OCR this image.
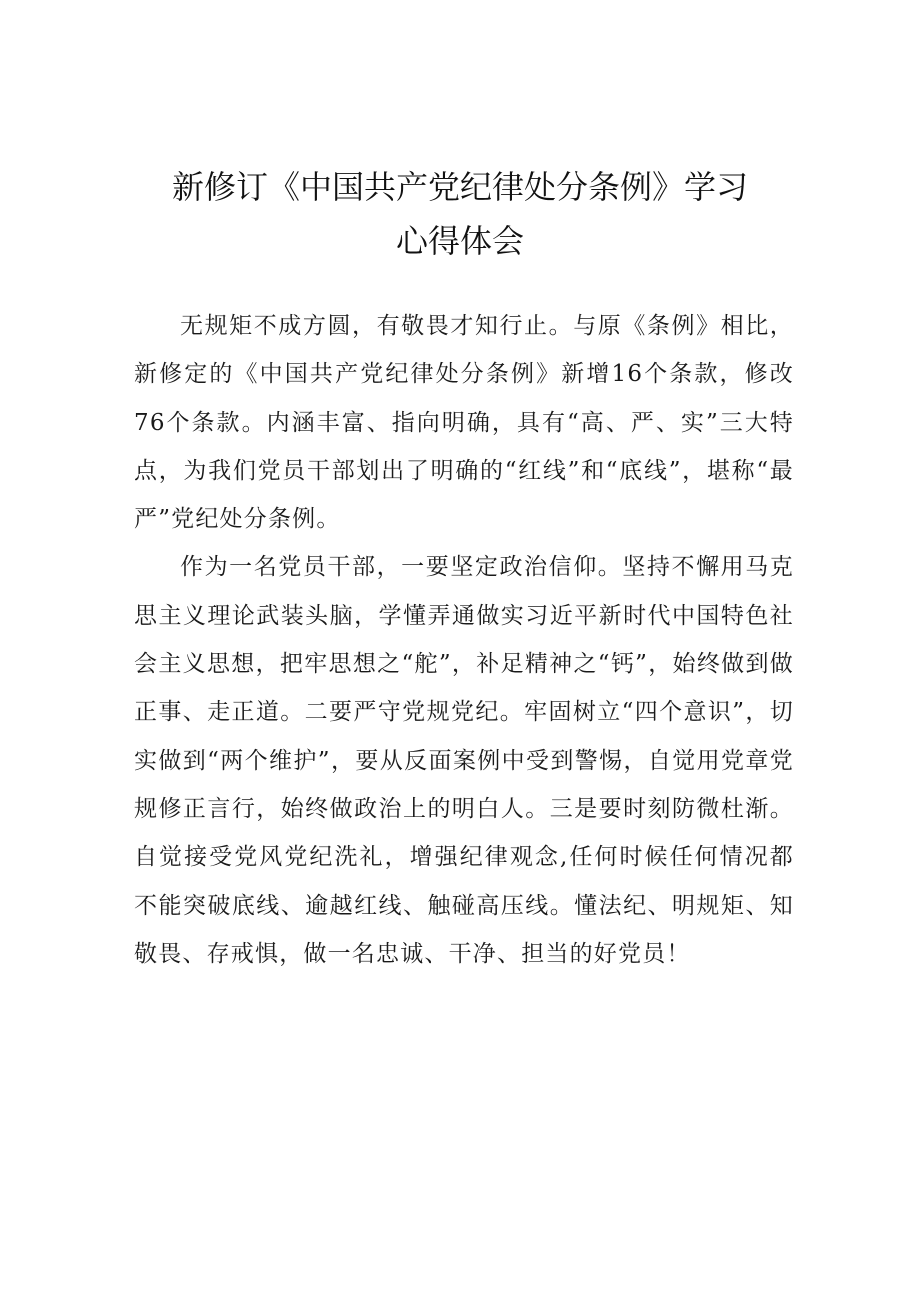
新修订《中国共产党纪律处分条例》学习
心得体会

无规矩不成方圆，有敬畏才知行止。与原《条例》相比，新修定的《中国共产党纪律处分条例》新增16个条款，修改76个条款。内涵丰富、指向明确，具有“高、严、实”三大特点，为我们党员干部划出了明确的“红线”和“底线”，堪称“最严”党纪处分条例。

作为一名党员干部，一要坚定政治信仰。坚持不懈用马克思主义理论武装头脑，学懂弄通做实习近平新时代中国特色社会主义思想，把牢思想之“舵”，补足精神之“钙”，始终做到做正事、走正道。二要严守党规党纪。牢固树立“四个意识”，切实做到“两个维护”，要从反面案例中受到警惕，自觉用党章党规修正言行，始终做政治上的明白人。三是要时刻防微杜渐。自觉接受党风党纪洗礼，增强纪律观念,任何时候任何情况都不能突破底线、逾越红线、触碰高压线。懂法纪、明规矩、知敬畏、存戒惧，做一名忠诚、干净、担当的好党员！
